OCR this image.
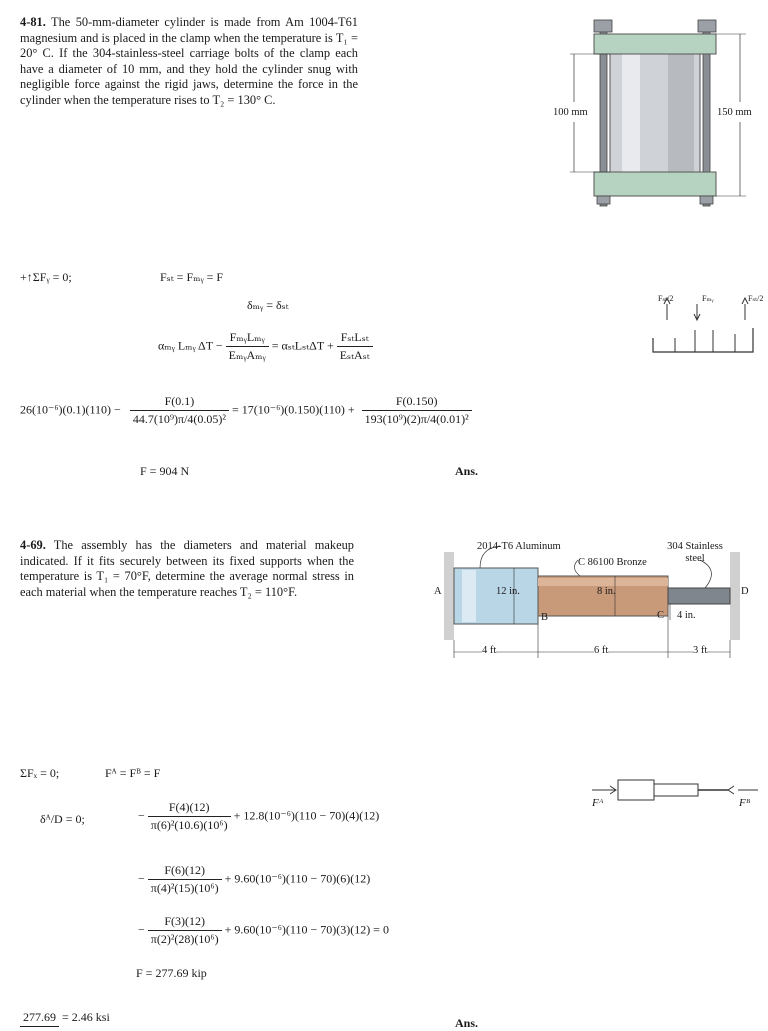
4-81. The 50-mm-diameter cylinder is made from Am 1004-T61 magnesium and is placed in the clamp when the temperature is T₁ = 20° C. If the 304-stainless-steel carriage bolts of the clamp each have a diameter of 10 mm, and they hold the cylinder snug with negligible force against the rigid jaws, determine the force in the cylinder when the temperature rises to T₂ = 130° C.
100 mm	150 mm
+↑ΣFᵧ = 0;	Fₛₜ = Fₘᵧ = F
δₘᵧ = δₛₜ
αₘᵧ Lₘᵧ $\Delta T - \frac{\text{FₘᵧLₘᵧ}}{\text{EₘᵧAₘᵧ}} = \alpha_{st}L_{st}\Delta T + \frac{\text{FₛₜLₛₜ}}{\text{EₛₜAₛₜ}}$
$26(10^{-6})(0.1)(110) - \frac{F(0.1)}{\text{44.7(10⁹)π/4(0.05)²}} = 17(10^{-6})(0.150)(110) + \frac{F(0.150)}{\text{193(10⁹)(2)π/4(0.01)²}}$
F = 904 N	Ans.
Fₛₜ/2	Fₘᵧ	Fₛₜ/2
4-69. The assembly has the diameters and material makeup indicated. If it fits securely between its fixed supports when the temperature is T₁ = 70°F, determine the average normal stress in each material when the temperature reaches T₂ = 110°F.
2014-T6 Aluminum
C 86100 Bronze
304 Stainless steel
A
B	C
D
12 in.	8 in.
4 in.
4 ft	6 ft	3 ft
ΣFₓ = 0;	Fᴬ = Fᴮ = F
δᴬ/D = 0;	− $\frac{F(4)(12)}{\text{π(6)²(10.6)(10⁶)}} + 12.8(10^{-6})(110 - 70)(4)(12)$
− $\frac{F(6)(12)}{\text{π(4)²(15)(10⁶)}} + 9.60(10^{-6})(110 - 70)(6)(12)$
− $\frac{F(3)(12)}{\text{π(2)²(28)(10⁶)}} + 9.60(10^{-6})(110 - 70)(3)(12) = 0$
F = 277.69 kip
277.69 = 2.46 ksi	Ans.
Fᴬ	Fᴮ
